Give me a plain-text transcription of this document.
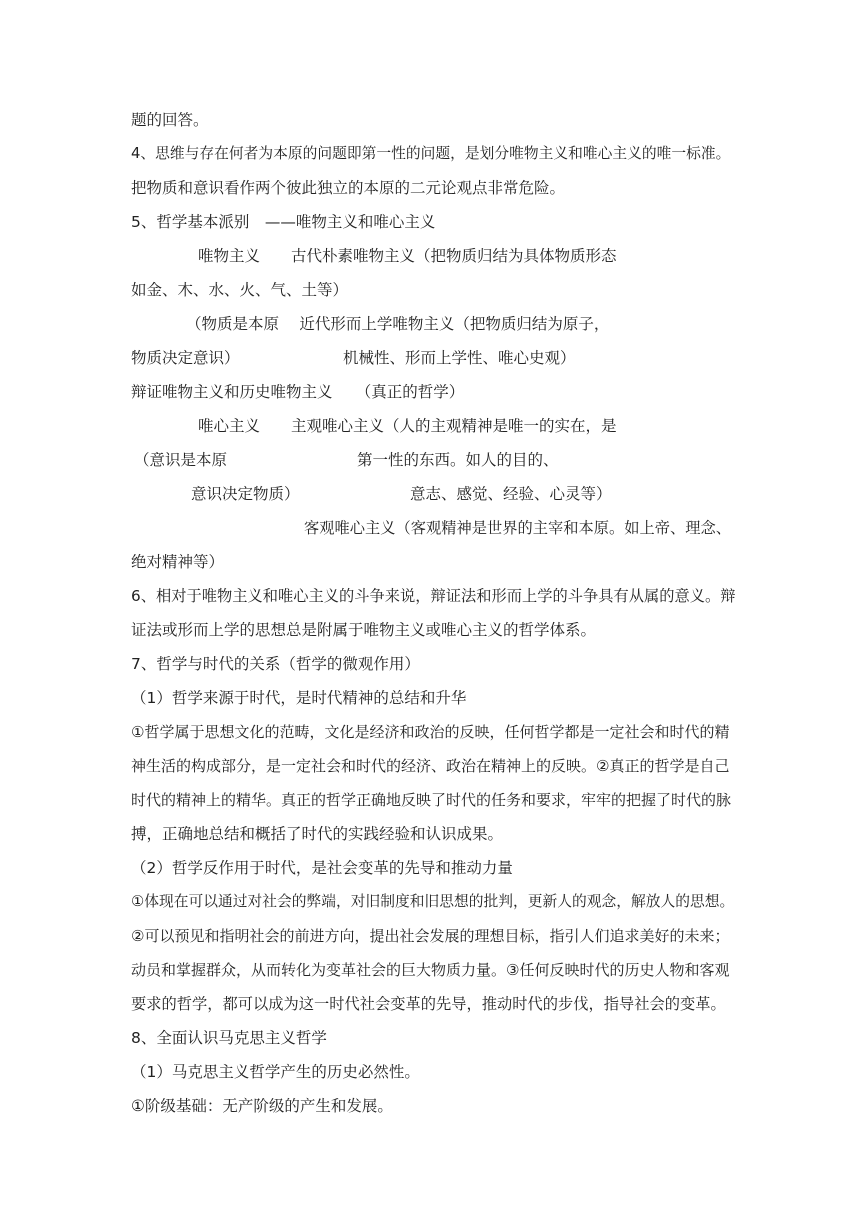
题的回答。
4、思维与存在何者为本原的问题即第一性的问题，是划分唯物主义和唯心主义的唯一标准。
把物质和意识看作两个彼此独立的本原的二元论观点非常危险。
5、哲学基本派别　——唯物主义和唯心主义
唯物主义　　古代朴素唯物主义（把物质归结为具体物质形态
如金、木、水、火、气、土等）
（物质是本原　 近代形而上学唯物主义（把物质归结为原子，
物质决定意识）	机械性、形而上学性、唯心史观）
辩证唯物主义和历史唯物主义　　（真正的哲学）
唯心主义　　主观唯心主义（人的主观精神是唯一的实在，是
（意识是本原	第一性的东西。如人的目的、
意识决定物质）	意志、感觉、经验、心灵等）
客观唯心主义（客观精神是世界的主宰和本原。如上帝、理念、
绝对精神等）
6、相对于唯物主义和唯心主义的斗争来说，辩证法和形而上学的斗争具有从属的意义。辩
证法或形而上学的思想总是附属于唯物主义或唯心主义的哲学体系。
7、哲学与时代的关系（哲学的微观作用）
（1）哲学来源于时代，是时代精神的总结和升华
①哲学属于思想文化的范畴，文化是经济和政治的反映，任何哲学都是一定社会和时代的精
神生活的构成部分，是一定社会和时代的经济、政治在精神上的反映。②真正的哲学是自己
时代的精神上的精华。真正的哲学正确地反映了时代的任务和要求，牢牢的把握了时代的脉
搏，正确地总结和概括了时代的实践经验和认识成果。
（2）哲学反作用于时代，是社会变革的先导和推动力量
①体现在可以通过对社会的弊端，对旧制度和旧思想的批判，更新人的观念，解放人的思想。
②可以预见和指明社会的前进方向，提出社会发展的理想目标，指引人们追求美好的未来；
动员和掌握群众，从而转化为变革社会的巨大物质力量。③任何反映时代的历史人物和客观
要求的哲学，都可以成为这一时代社会变革的先导，推动时代的步伐，指导社会的变革。
8、全面认识马克思主义哲学
（1）马克思主义哲学产生的历史必然性。
①阶级基础：无产阶级的产生和发展。
